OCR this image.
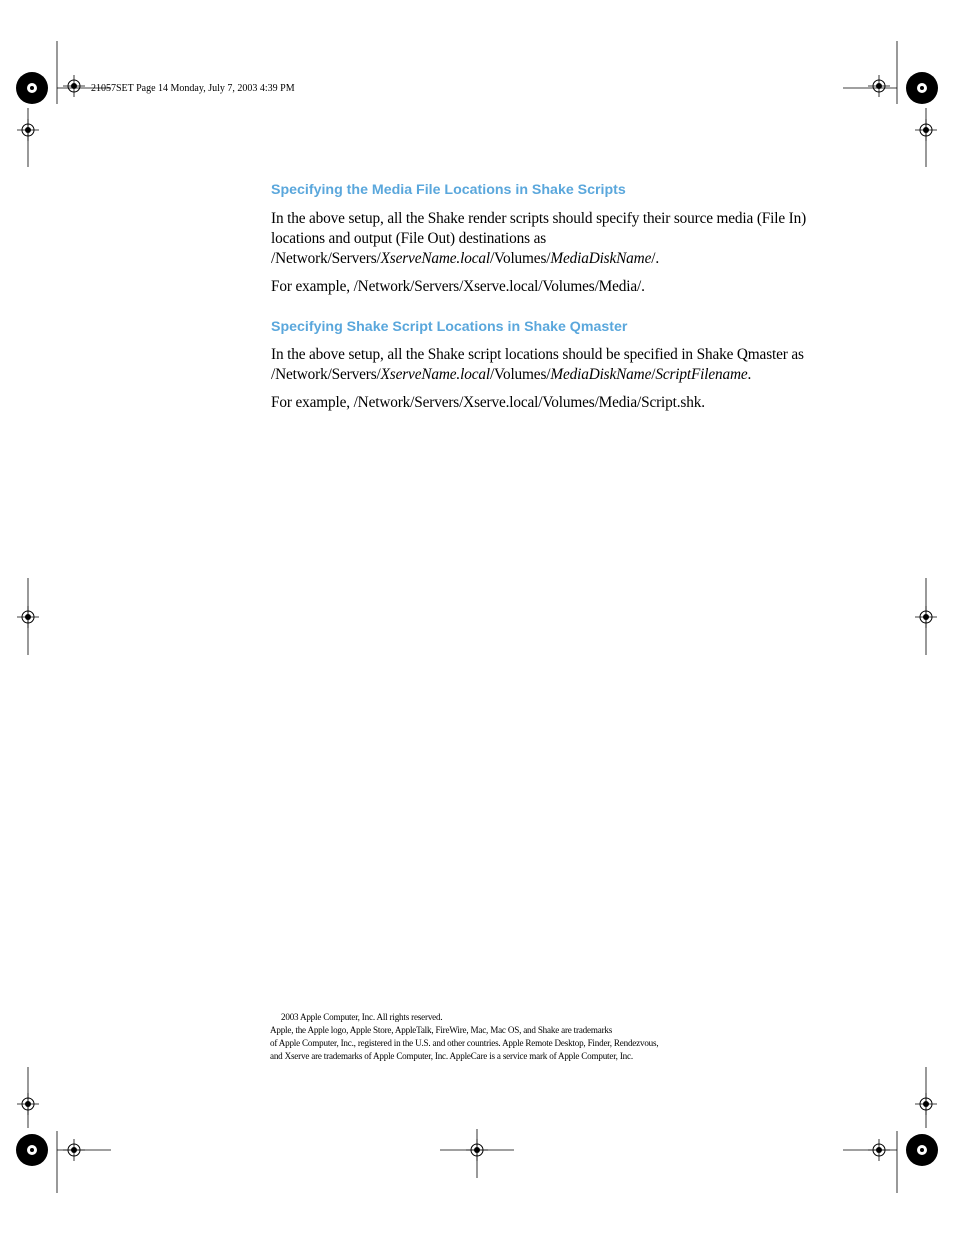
21057SET Page 14 Monday, July 7, 2003 4:39 PM
Specifying the Media File Locations in Shake Scripts
In the above setup, all the Shake render scripts should specify their source media (File In)
locations and output (File Out) destinations as
/Network/Servers/XserveName.local/Volumes/MediaDiskName/.
For example, /Network/Servers/Xserve.local/Volumes/Media/.
Specifying Shake Script Locations in Shake Qmaster
In the above setup, all the Shake script locations should be specified in Shake Qmaster as
/Network/Servers/XserveName.local/Volumes/MediaDiskName/ScriptFilename.
For example, /Network/Servers/Xserve.local/Volumes/Media/Script.shk.
2003 Apple Computer, Inc. All rights reserved.
Apple, the Apple logo, Apple Store, AppleTalk, FireWire, Mac, Mac OS, and Shake are trademarks
of Apple Computer, Inc., registered in the U.S. and other countries. Apple Remote Desktop, Finder, Rendezvous,
and Xserve are trademarks of Apple Computer, Inc. AppleCare is a service mark of Apple Computer, Inc.
